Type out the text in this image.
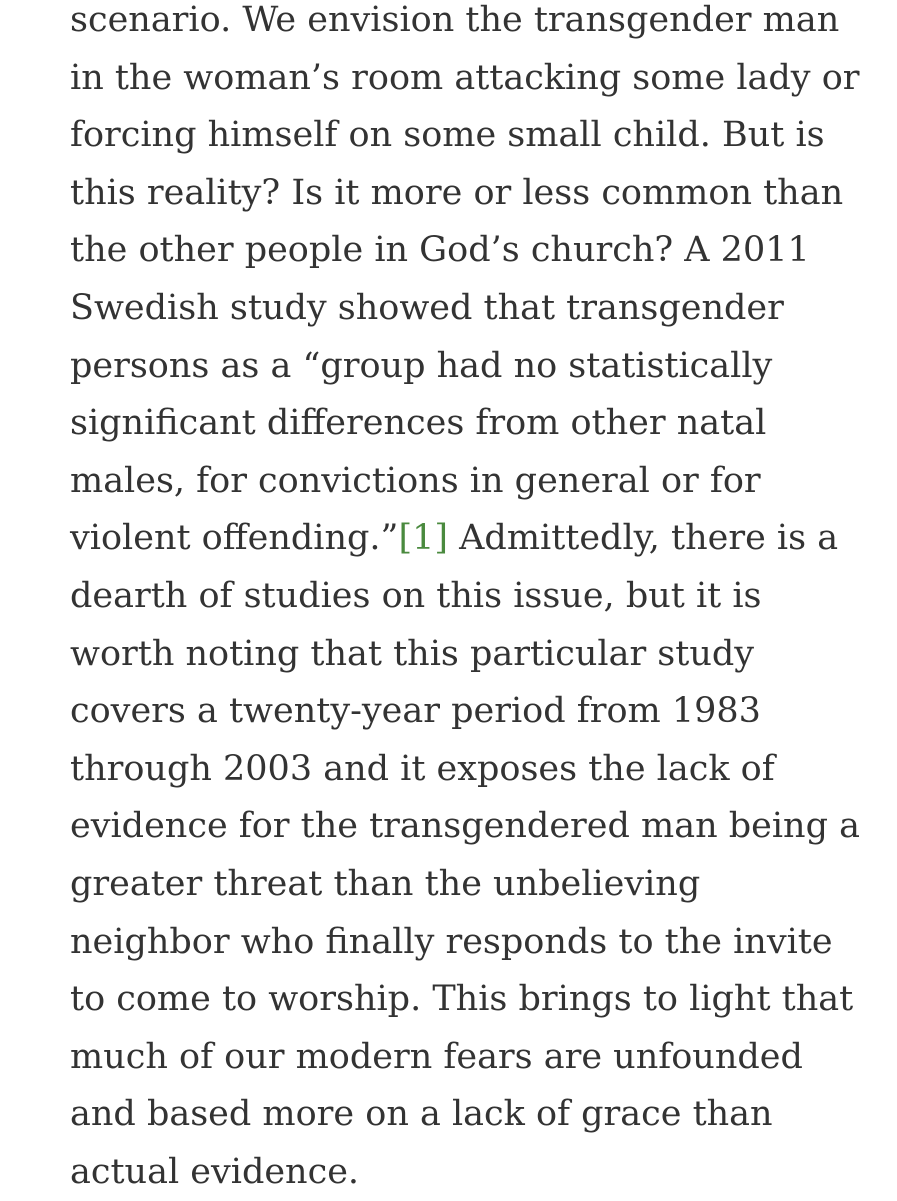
scenario. We envision the transgender man
in the woman’s room attacking some lady or
forcing himself on some small child. But is
this reality? Is it more or less common than
the other people in God’s church? A 2011
Swedish study showed that transgender
persons as a “group had no statistically
significant differences from other natal
males, for convictions in general or for
violent offending.”[1] Admittedly, there is a
dearth of studies on this issue, but it is
worth noting that this particular study
covers a twenty-year period from 1983
through 2003 and it exposes the lack of
evidence for the transgendered man being a
greater threat than the unbelieving
neighbor who finally responds to the invite
to come to worship. This brings to light that
much of our modern fears are unfounded
and based more on a lack of grace than
actual evidence.
